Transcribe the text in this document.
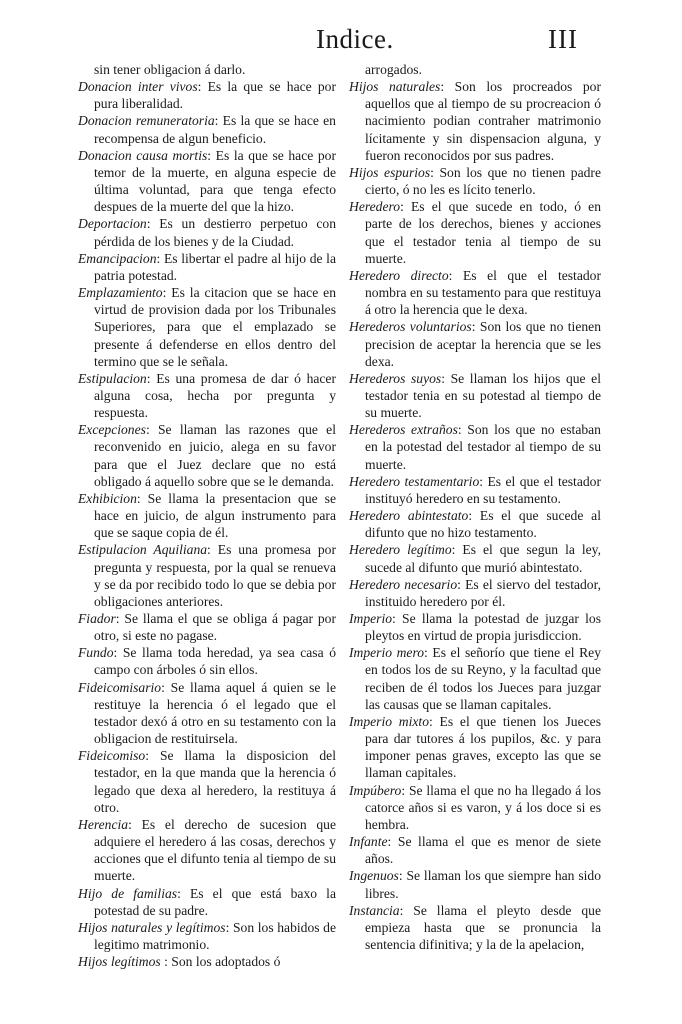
Indice.	III
sin tener obligacion á darlo.
Donacion inter vivos: Es la que se hace por pura liberalidad.
Donacion remuneratoria: Es la que se hace en recompensa de algun beneficio.
Donacion causa mortis: Es la que se hace por temor de la muerte, en alguna especie de última voluntad, para que tenga efecto despues de la muerte del que la hizo.
Deportacion: Es un destierro perpetuo con pérdida de los bienes y de la Ciudad.
Emancipacion: Es libertar el padre al hijo de la patria potestad.
Emplazamiento: Es la citacion que se hace en virtud de provision dada por los Tribunales Superiores, para que el emplazado se presente á defenderse en ellos dentro del termino que se le señala.
Estipulacion: Es una promesa de dar ó hacer alguna cosa, hecha por pregunta y respuesta.
Excepciones: Se llaman las razones que el reconvenido en juicio, alega en su favor para que el Juez declare que no está obligado á aquello sobre que se le demanda.
Exhibicion: Se llama la presentacion que se hace en juicio, de algun instrumento para que se saque copia de él.
Estipulacion Aquiliana: Es una promesa por pregunta y respuesta, por la qual se renueva y se da por recibido todo lo que se debia por obligaciones anteriores.
Fiador: Se llama el que se obliga á pagar por otro, si este no pagase.
Fundo: Se llama toda heredad, ya sea casa ó campo con árboles ó sin ellos.
Fideicomisario: Se llama aquel á quien se le restituye la herencia ó el legado que el testador dexó á otro en su testamento con la obligacion de restituirsela.
Fideicomiso: Se llama la disposicion del testador, en la que manda que la herencia ó legado que dexa al heredero, la restituya á otro.
Herencia: Es el derecho de sucesion que adquiere el heredero á las cosas, derechos y acciones que el difunto tenia al tiempo de su muerte.
Hijo de familias: Es el que está baxo la potestad de su padre.
Hijos naturales y legítimos: Son los habidos de legitimo matrimonio.
Hijos legítimos : Son los adoptados ó
arrogados.
Hijos naturales: Son los procreados por aquellos que al tiempo de su procreacion ó nacimiento podian contraher matrimonio lícitamente y sin dispensacion alguna, y fueron reconocidos por sus padres.
Hijos espurios: Son los que no tienen padre cierto, ó no les es lícito tenerlo.
Heredero: Es el que sucede en todo, ó en parte de los derechos, bienes y acciones que el testador tenia al tiempo de su muerte.
Heredero directo: Es el que el testador nombra en su testamento para que restituya á otro la herencia que le dexa.
Herederos voluntarios: Son los que no tienen precision de aceptar la herencia que se les dexa.
Herederos suyos: Se llaman los hijos que el testador tenia en su potestad al tiempo de su muerte.
Herederos extraños: Son los que no estaban en la potestad del testador al tiempo de su muerte.
Heredero testamentario: Es el que el testador instituyó heredero en su testamento.
Heredero abintestato: Es el que sucede al difunto que no hizo testamento.
Heredero legítimo: Es el que segun la ley, sucede al difunto que murió abintestato.
Heredero necesario: Es el siervo del testador, instituido heredero por él.
Imperio: Se llama la potestad de juzgar los pleytos en virtud de propia jurisdiccion.
Imperio mero: Es el señorío que tiene el Rey en todos los de su Reyno, y la facultad que reciben de él todos los Jueces para juzgar las causas que se llaman capitales.
Imperio mixto: Es el que tienen los Jueces para dar tutores á los pupilos, &c. y para imponer penas graves, excepto las que se llaman capitales.
Impúbero: Se llama el que no ha llegado á los catorce años si es varon, y á los doce si es hembra.
Infante: Se llama el que es menor de siete años.
Ingenuos: Se llaman los que siempre han sido libres.
Instancia: Se llama el pleyto desde que empieza hasta que se pronuncia la sentencia difinitiva; y la de la apelacion,
